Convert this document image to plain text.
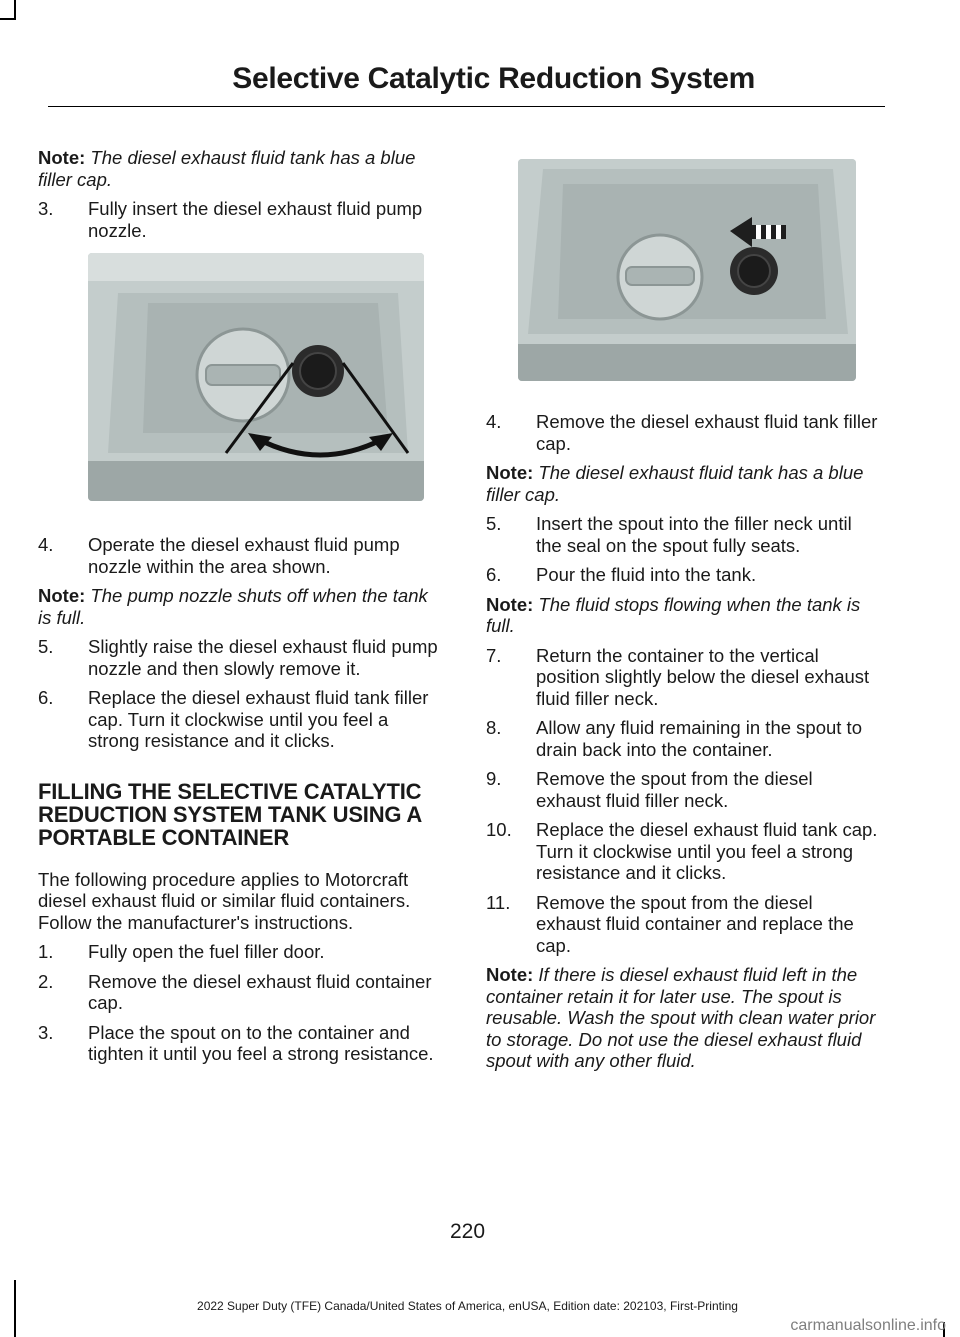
Selective Catalytic Reduction System

Note: The diesel exhaust fluid tank has a blue filler cap.

3.	Fully insert the diesel exhaust fluid pump nozzle.
4.	Operate the diesel exhaust fluid pump nozzle within the area shown.

Note: The pump nozzle shuts off when the tank is full.

5.	Slightly raise the diesel exhaust fluid pump nozzle and then slowly remove it.
6.	Replace the diesel exhaust fluid tank filler cap. Turn it clockwise until you feel a strong resistance and it clicks.
FILLING THE SELECTIVE CATALYTIC REDUCTION SYSTEM TANK USING A PORTABLE CONTAINER

The following procedure applies to Motorcraft diesel exhaust fluid or similar fluid containers. Follow the manufacturer's instructions.

1.	Fully open the fuel filler door.
2.	Remove the diesel exhaust fluid container cap.
3.	Place the spout on to the container and tighten it until you feel a strong resistance.
4.	Remove the diesel exhaust fluid tank filler cap.

Note: The diesel exhaust fluid tank has a blue filler cap.

5.	Insert the spout into the filler neck until the seal on the spout fully seats.
6.	Pour the fluid into the tank.

Note: The fluid stops flowing when the tank is full.

7.	Return the container to the vertical position slightly below the diesel exhaust fluid filler neck.
8.	Allow any fluid remaining in the spout to drain back into the container.
9.	Remove the spout from the diesel exhaust fluid filler neck.
10.	Replace the diesel exhaust fluid tank cap. Turn it clockwise until you feel a strong resistance and it clicks.
11.	Remove the spout from the diesel exhaust fluid container and replace the cap.

Note: If there is diesel exhaust fluid left in the container retain it for later use. The spout is reusable. Wash the spout with clean water prior to storage. Do not use the diesel exhaust fluid spout with any other fluid.

220
2022 Super Duty (TFE) Canada/United States of America, enUSA, Edition date: 202103, First-Printing
carmanualsonline.info
